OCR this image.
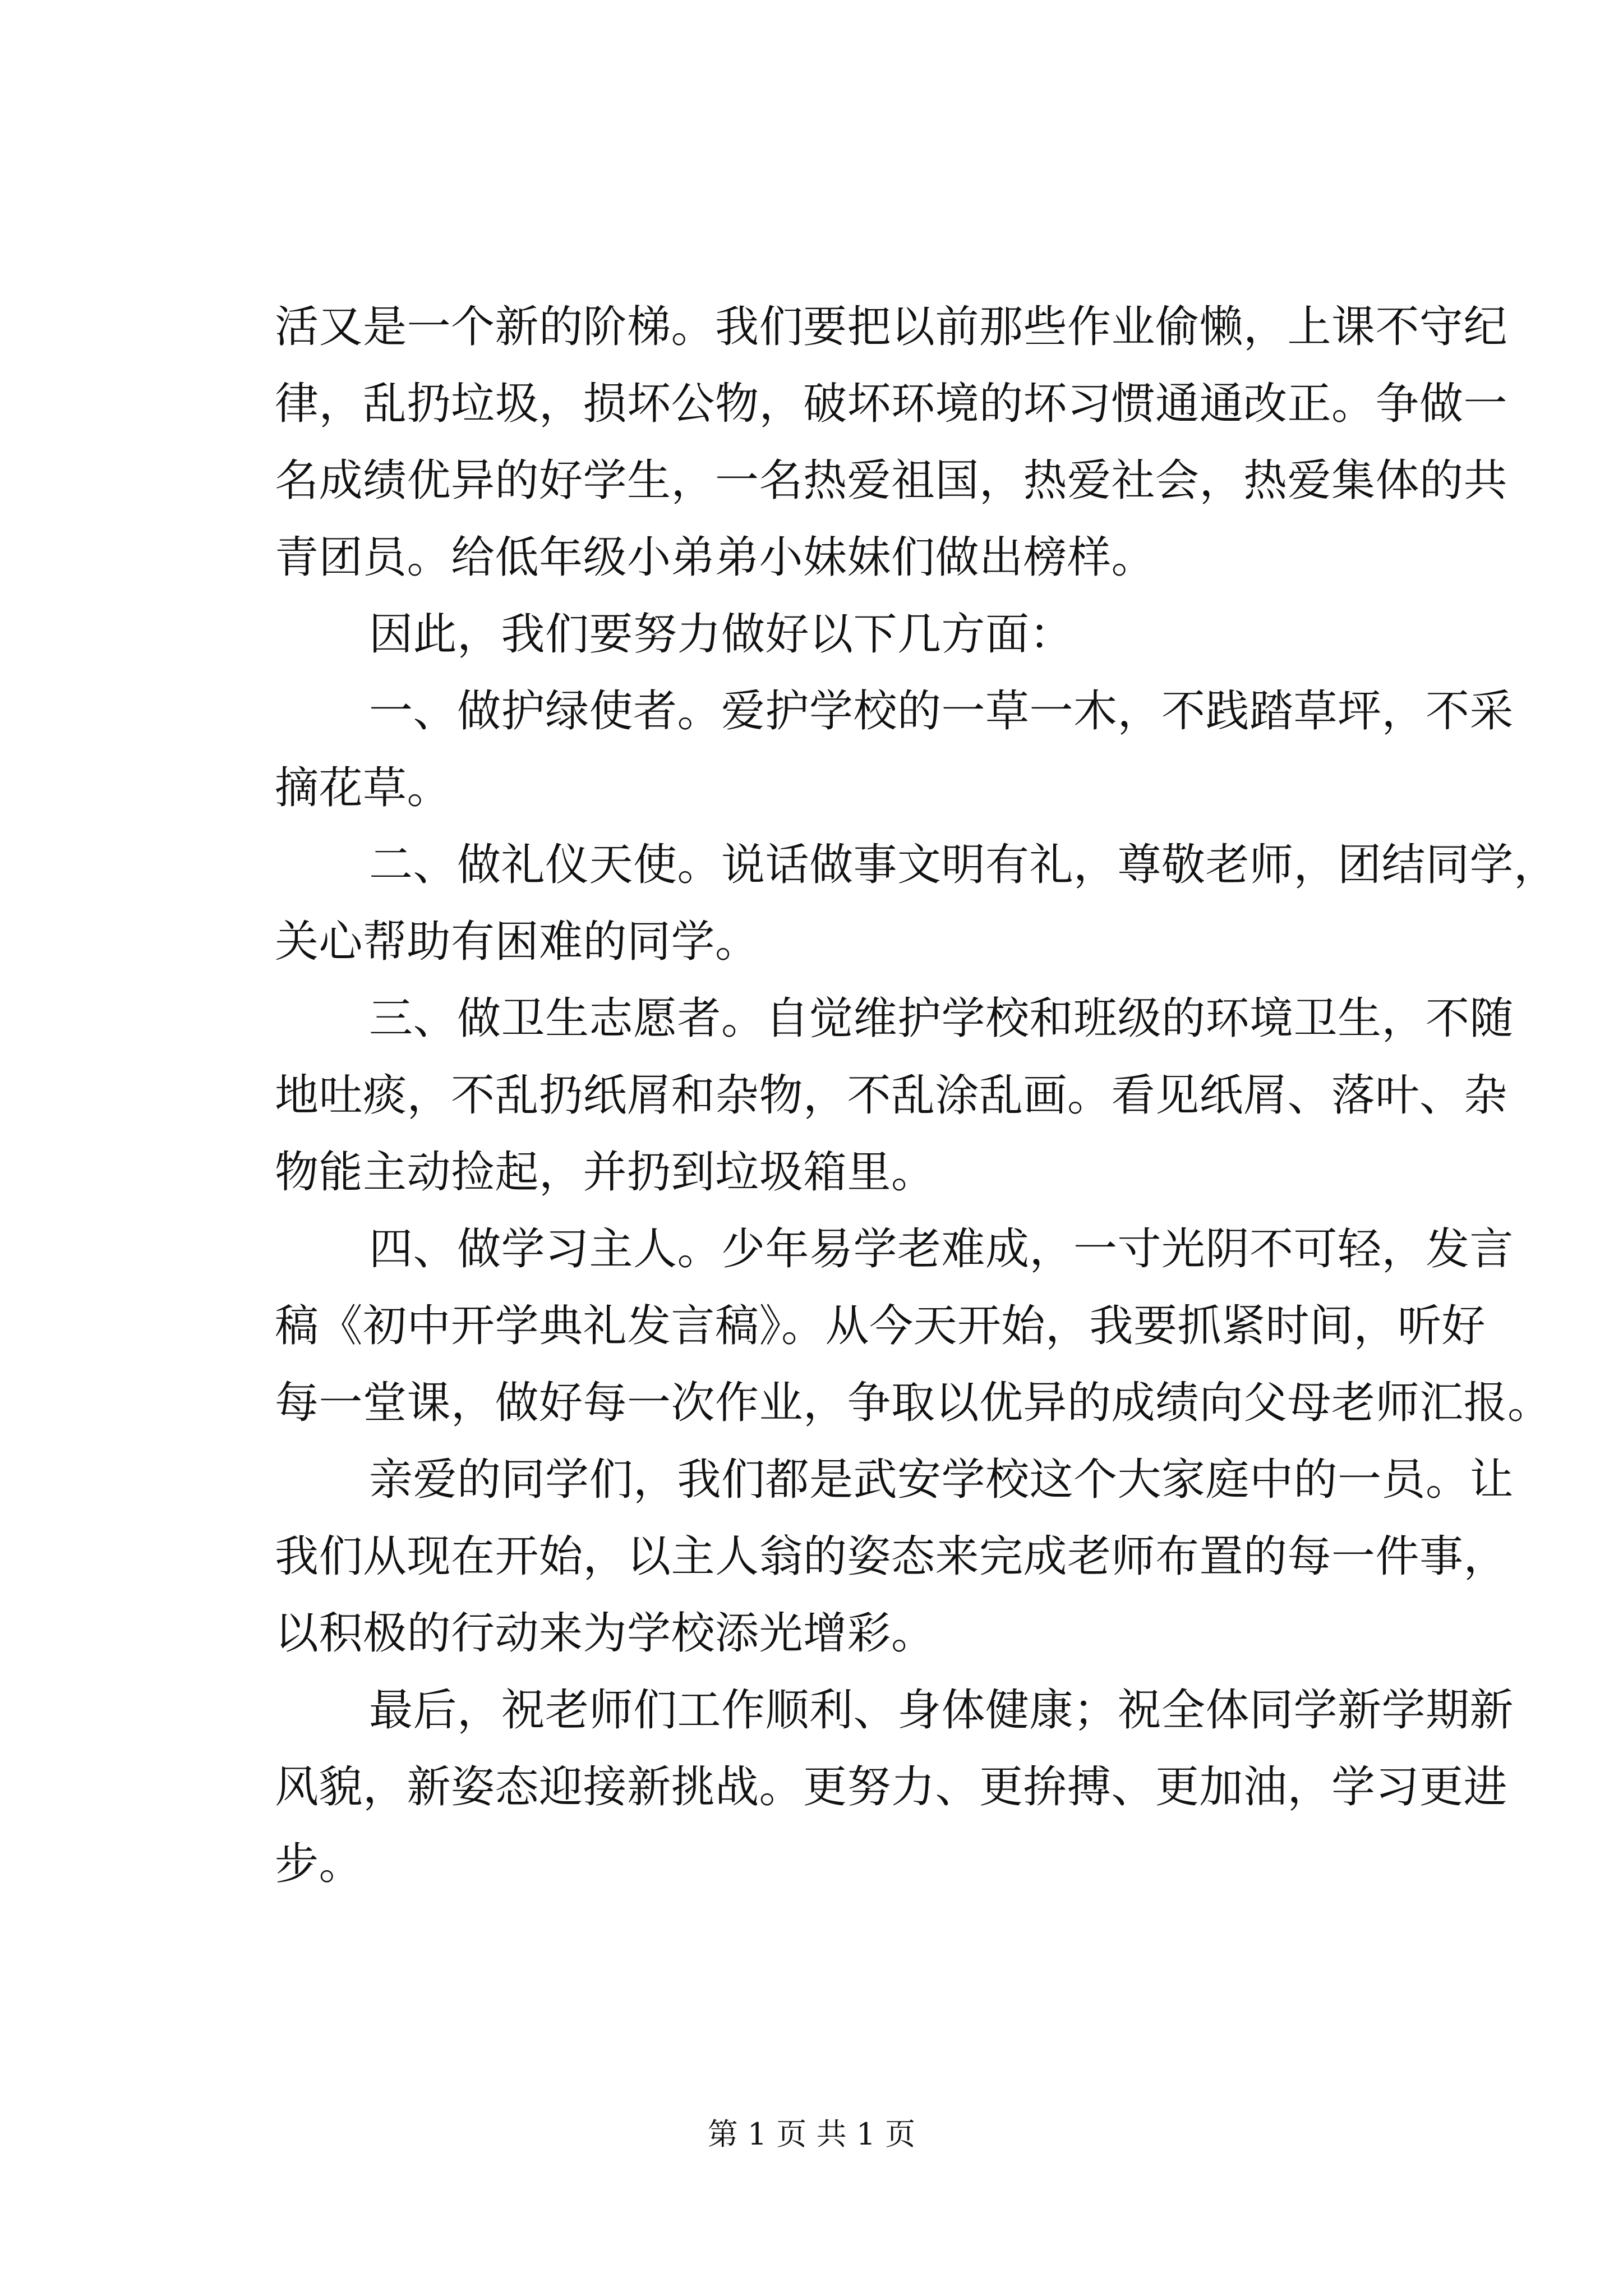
活又是一个新的阶梯。我们要把以前那些作业偷懒，上课不守纪
律，乱扔垃圾，损坏公物，破坏环境的坏习惯通通改正。争做一
名成绩优异的好学生，一名热爱祖国，热爱社会，热爱集体的共
青团员。给低年级小弟弟小妹妹们做出榜样。
因此，我们要努力做好以下几方面：
一、做护绿使者。爱护学校的一草一木，不践踏草坪，不采
摘花草。
二、做礼仪天使。说话做事文明有礼，尊敬老师，团结同学，
关心帮助有困难的同学。
三、做卫生志愿者。自觉维护学校和班级的环境卫生，不随
地吐痰，不乱扔纸屑和杂物，不乱涂乱画。看见纸屑、落叶、杂
物能主动捡起，并扔到垃圾箱里。
四、做学习主人。少年易学老难成，一寸光阴不可轻，发言
稿《初中开学典礼发言稿》。从今天开始，我要抓紧时间，听好
每一堂课，做好每一次作业，争取以优异的成绩向父母老师汇报。
亲爱的同学们，我们都是武安学校这个大家庭中的一员。让
我们从现在开始，以主人翁的姿态来完成老师布置的每一件事，
以积极的行动来为学校添光增彩。
最后，祝老师们工作顺利、身体健康；祝全体同学新学期新
风貌，新姿态迎接新挑战。更努力、更拚搏、更加油，学习更进
步。
第 1 页 共 1 页
